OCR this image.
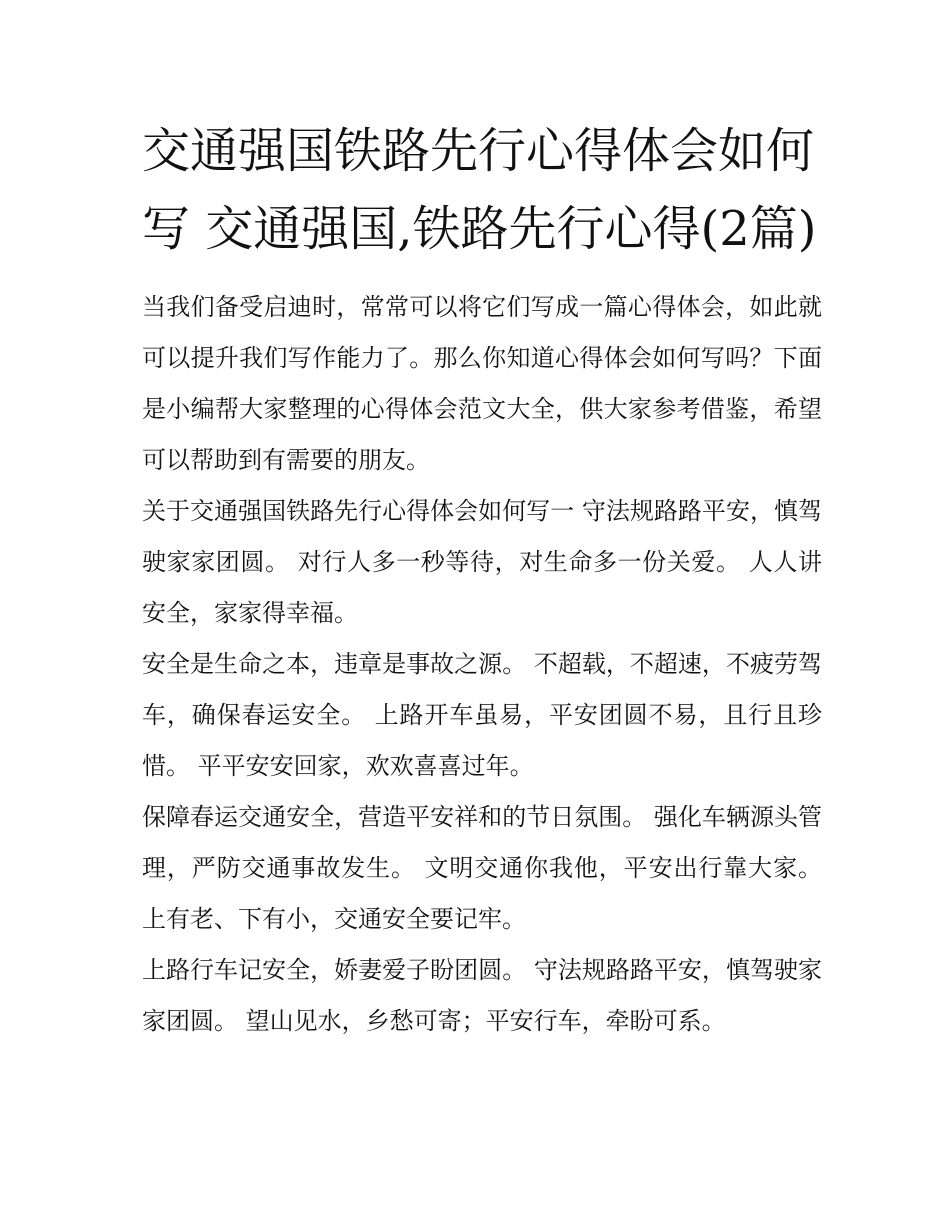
交通强国铁路先行心得体会如何写 交通强国,铁路先行心得(2篇)

当我们备受启迪时，常常可以将它们写成一篇心得体会，如此就可以提升我们写作能力了。那么你知道心得体会如何写吗？下面是小编帮大家整理的心得体会范文大全，供大家参考借鉴，希望可以帮助到有需要的朋友。

关于交通强国铁路先行心得体会如何写一 守法规路路平安，慎驾驶家家团圆。 对行人多一秒等待，对生命多一份关爱。 人人讲安全，家家得幸福。

安全是生命之本，违章是事故之源。 不超载，不超速，不疲劳驾车，确保春运安全。 上路开车虽易，平安团圆不易，且行且珍惜。 平平安安回家，欢欢喜喜过年。

保障春运交通安全，营造平安祥和的节日氛围。 强化车辆源头管理，严防交通事故发生。 文明交通你我他，平安出行靠大家。 上有老、下有小，交通安全要记牢。

上路行车记安全，娇妻爱子盼团圆。 守法规路路平安，慎驾驶家家团圆。 望山见水，乡愁可寄；平安行车，牵盼可系。
